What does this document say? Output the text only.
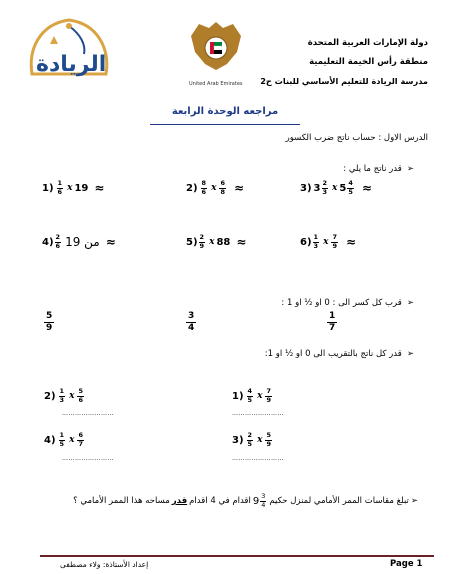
الريادة
United Arab Emirates
دولة الإمارات العربية المتحدة
منطقة رأس الخيمة التعليمية
مدرسة الريادة للتعليم الأساسي للبنات ح2
مراجعه الوحدة الرابعة
الدرس الاول : حساب ناتج ضرب الكسور
➢ قدر ناتج ما يلي :
$1) \frac{1}{6}$ x 19 ≈	$2) \frac{8}{6}$ x $\frac{6}{8}$ ≈	3) $3 \frac{2}{3}$ x $5 \frac{4}{5}$ ≈
$4) \frac{2}{6}$ من 19 ≈	$5) \frac{2}{9}$ x 88 ≈	$6) \frac{1}{3}$ x $\frac{7}{9}$ ≈
➢ قرب كل كسر الى : 0 او ½ او 1 :
$\frac{5}{9}$	$\frac{3}{4}$	$\frac{1}{7}$
➢ قدر كل ناتج بالتقريب الى 0 او ½ او 1:
$2) \frac{1}{3}$ x $\frac{5}{6}$
……………………
$1) \frac{4}{5}$ x $\frac{7}{9}$
……………………
$4) \frac{1}{5}$ x $\frac{6}{7}$
……………………
$3) \frac{2}{5}$ x $\frac{5}{9}$
……………………
➢
تبلغ مقاسات الممر الأمامي لمنزل حكيم
$9 \frac{3}{4}$
اقدام في 4 اقدام
قدر
مساحه هذا الممر الأمامي ؟
إعداد الأستاذة: ولاء مصطفى	Page 1
